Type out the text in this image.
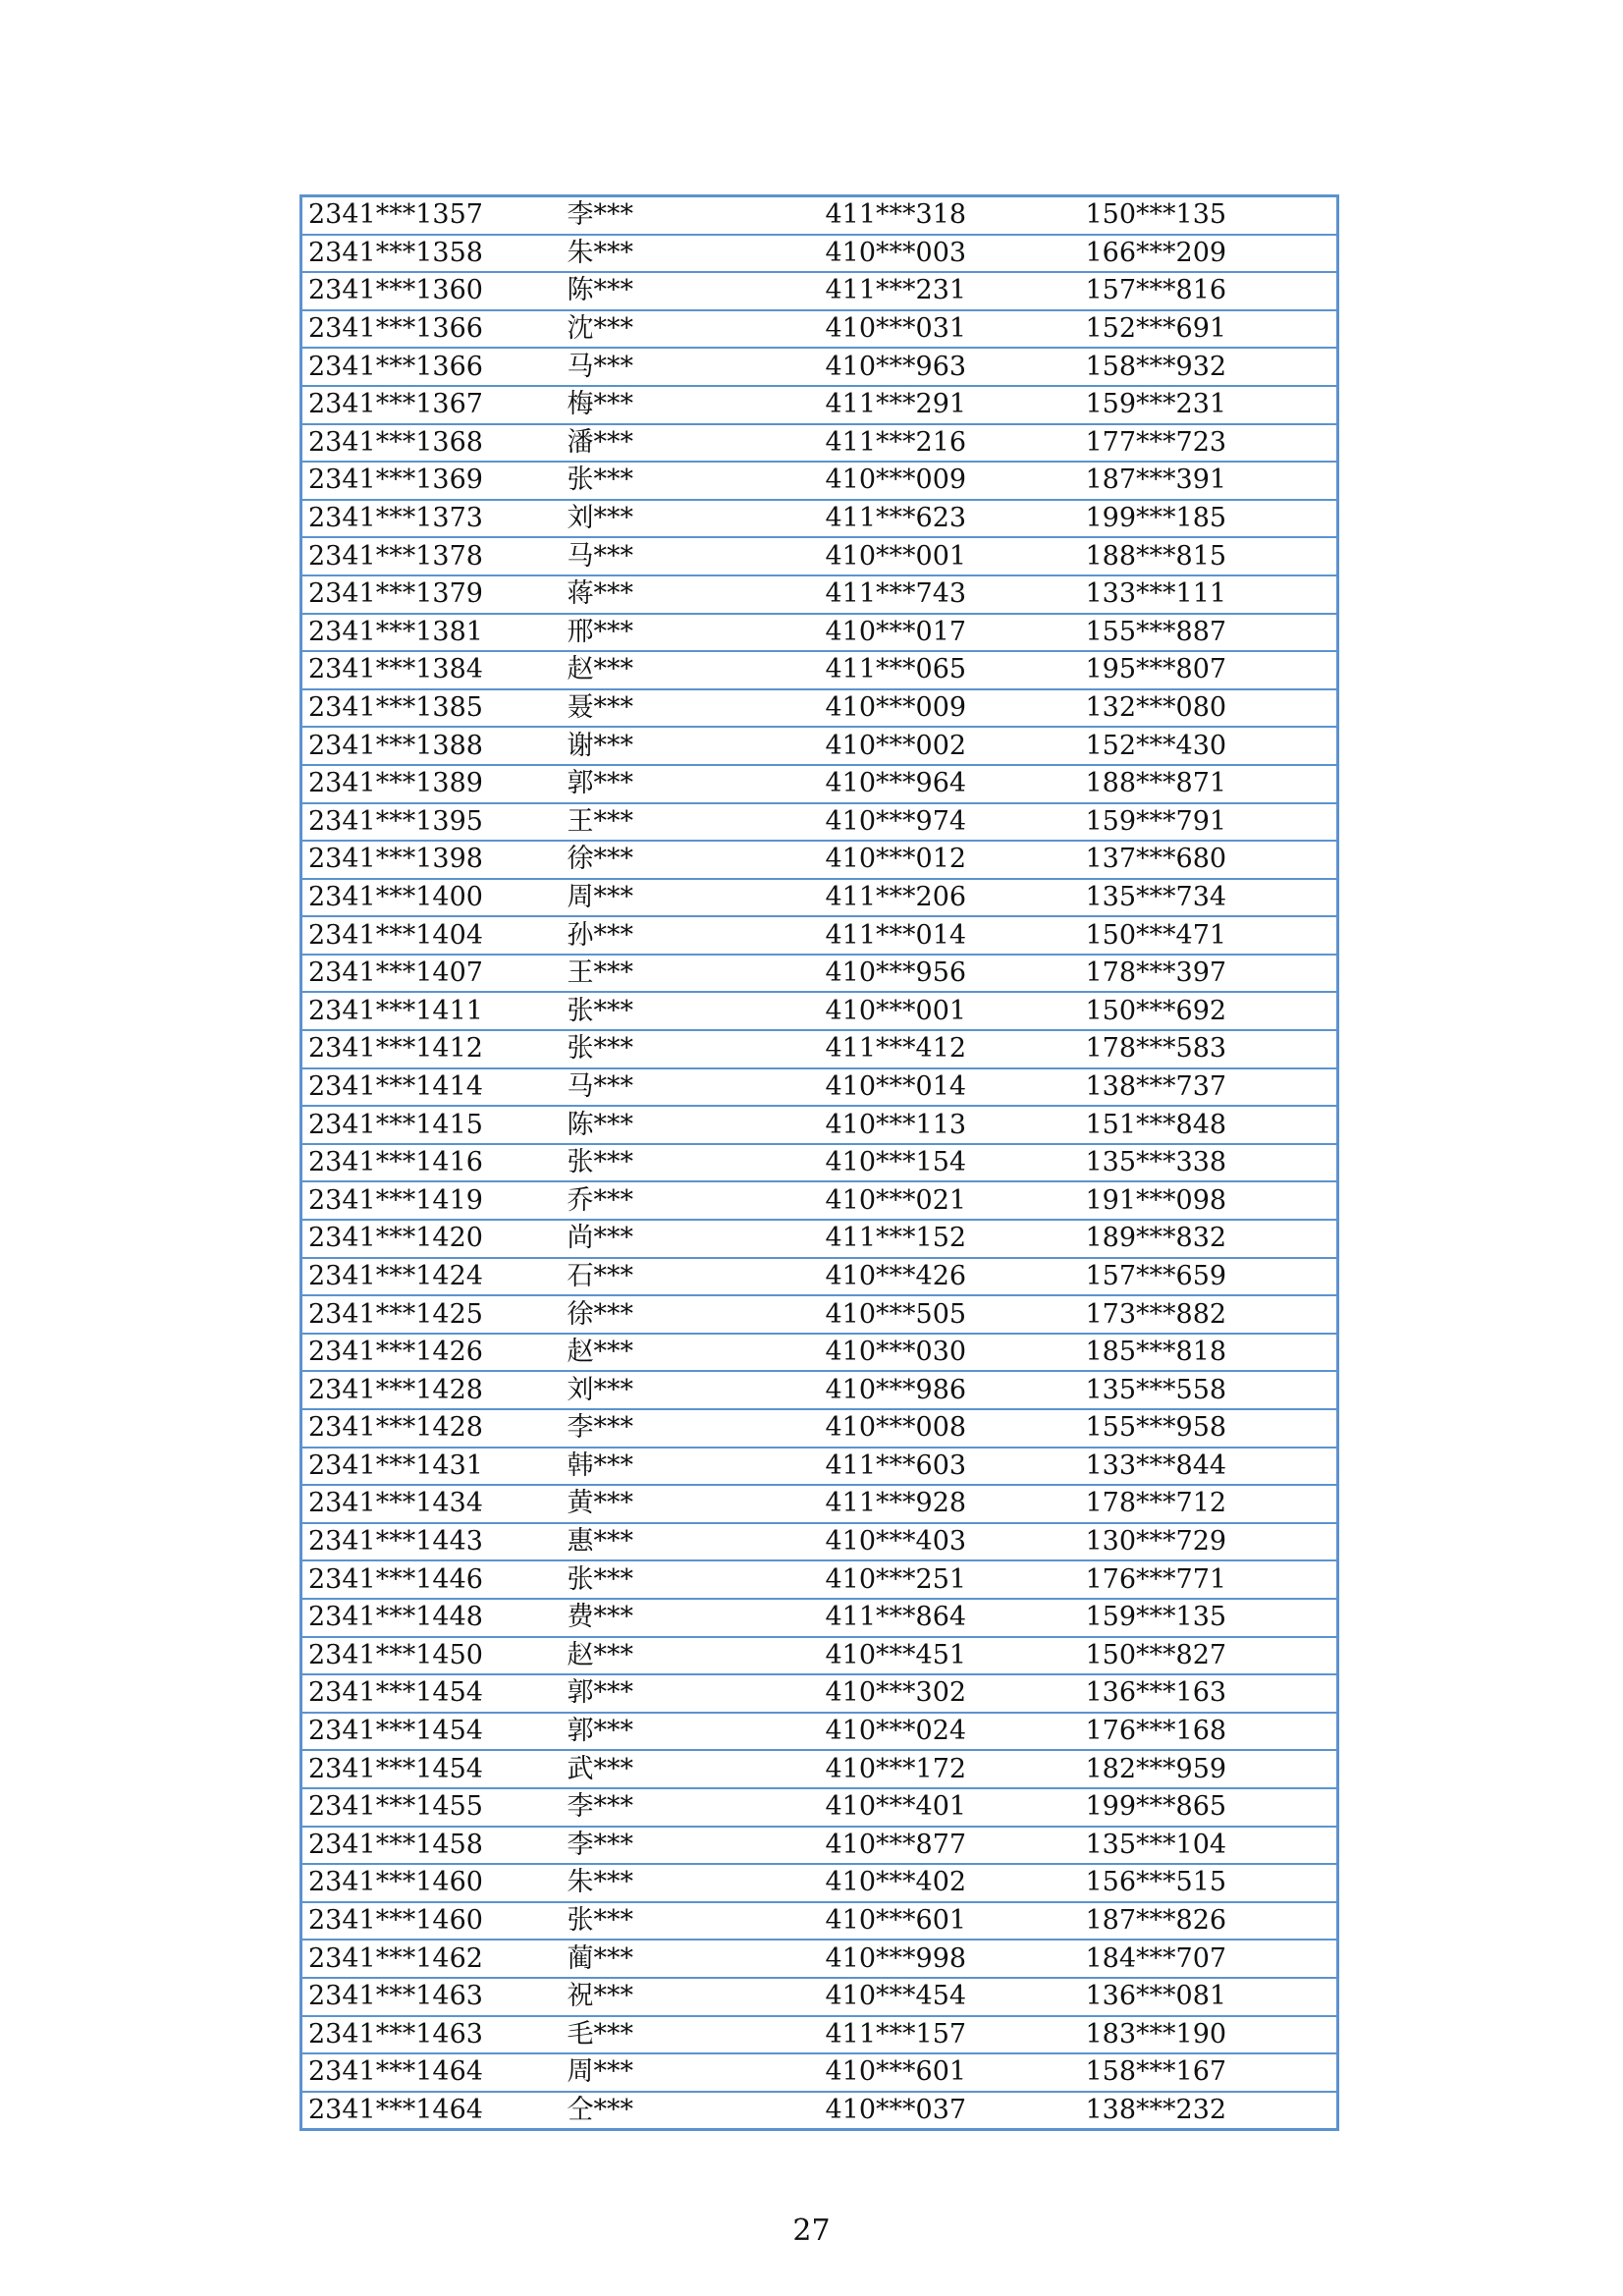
2341***1357	李***	411***318	150***135
2341***1358	朱***	410***003	166***209
2341***1360	陈***	411***231	157***816
2341***1366	沈***	410***031	152***691
2341***1366	马***	410***963	158***932
2341***1367	梅***	411***291	159***231
2341***1368	潘***	411***216	177***723
2341***1369	张***	410***009	187***391
2341***1373	刘***	411***623	199***185
2341***1378	马***	410***001	188***815
2341***1379	蒋***	411***743	133***111
2341***1381	邢***	410***017	155***887
2341***1384	赵***	411***065	195***807
2341***1385	聂***	410***009	132***080
2341***1388	谢***	410***002	152***430
2341***1389	郭***	410***964	188***871
2341***1395	王***	410***974	159***791
2341***1398	徐***	410***012	137***680
2341***1400	周***	411***206	135***734
2341***1404	孙***	411***014	150***471
2341***1407	王***	410***956	178***397
2341***1411	张***	410***001	150***692
2341***1412	张***	411***412	178***583
2341***1414	马***	410***014	138***737
2341***1415	陈***	410***113	151***848
2341***1416	张***	410***154	135***338
2341***1419	乔***	410***021	191***098
2341***1420	尚***	411***152	189***832
2341***1424	石***	410***426	157***659
2341***1425	徐***	410***505	173***882
2341***1426	赵***	410***030	185***818
2341***1428	刘***	410***986	135***558
2341***1428	李***	410***008	155***958
2341***1431	韩***	411***603	133***844
2341***1434	黄***	411***928	178***712
2341***1443	惠***	410***403	130***729
2341***1446	张***	410***251	176***771
2341***1448	费***	411***864	159***135
2341***1450	赵***	410***451	150***827
2341***1454	郭***	410***302	136***163
2341***1454	郭***	410***024	176***168
2341***1454	武***	410***172	182***959
2341***1455	李***	410***401	199***865
2341***1458	李***	410***877	135***104
2341***1460	朱***	410***402	156***515
2341***1460	张***	410***601	187***826
2341***1462	蔺***	410***998	184***707
2341***1463	祝***	410***454	136***081
2341***1463	毛***	411***157	183***190
2341***1464	周***	410***601	158***167
2341***1464	仝***	410***037	138***232
27
